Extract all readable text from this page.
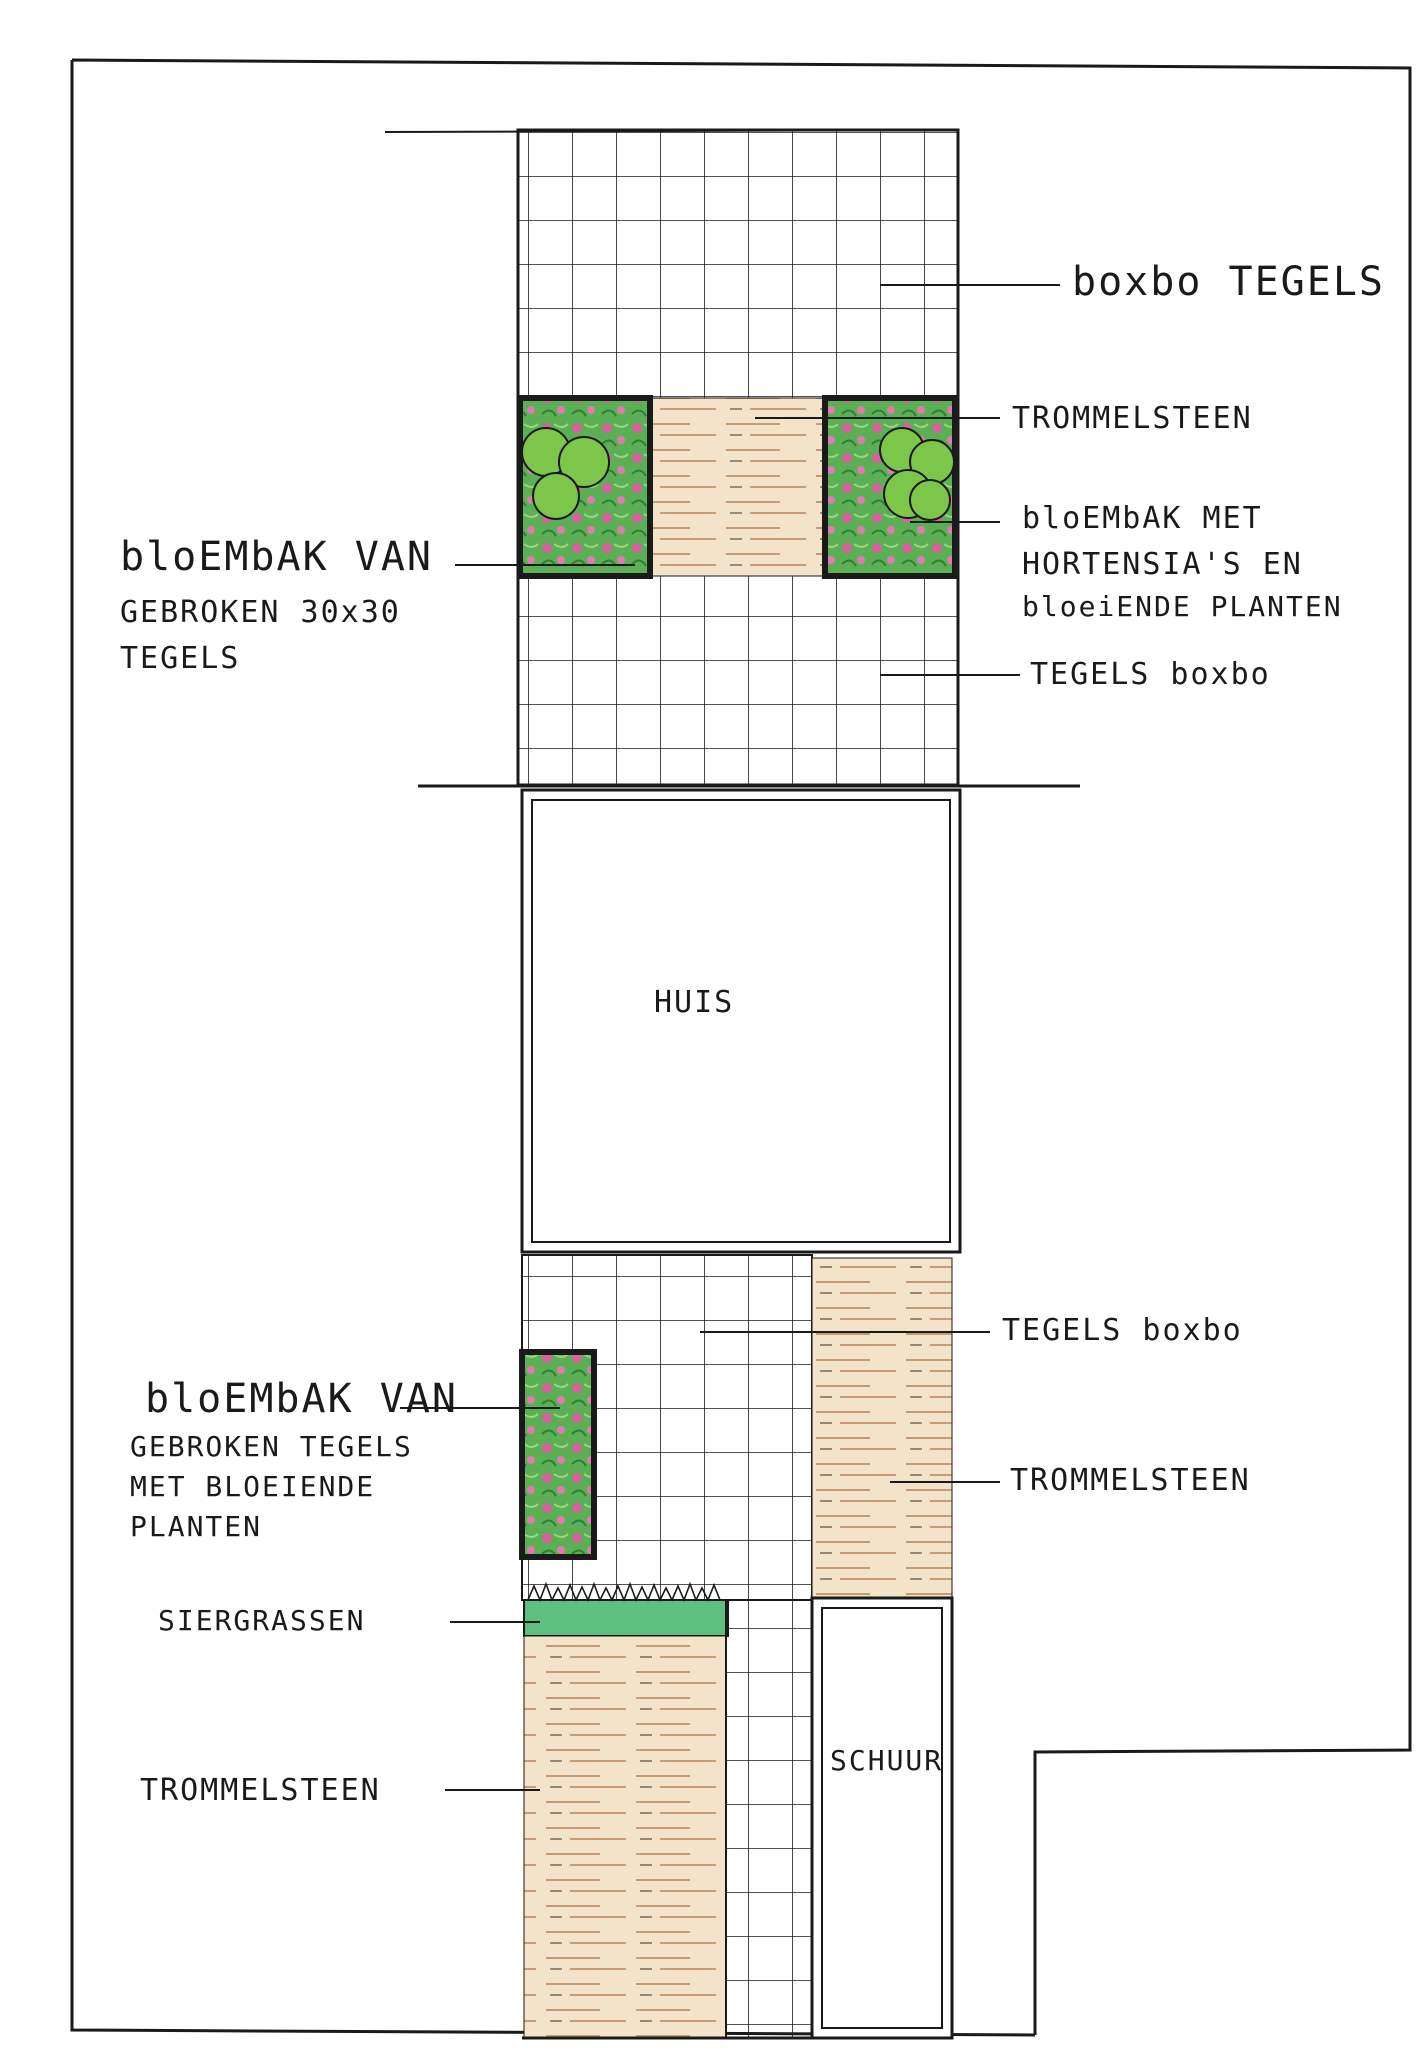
HUIS
SCHUUR
boxbo TEGELS
TROMMELSTEEN
bloEMbAK MET
HORTENSIA'S EN
bloeiENDE PLANTEN
bloEMbAK VAN
GEBROKEN 30x30
TEGELS	TEGELS boxbo
TEGELS boxbo
bloEMbAK VAN
GEBROKEN TEGELS
MET BLOEIENDE
PLANTEN
TROMMELSTEEN
SIERGRASSEN
TROMMELSTEEN
